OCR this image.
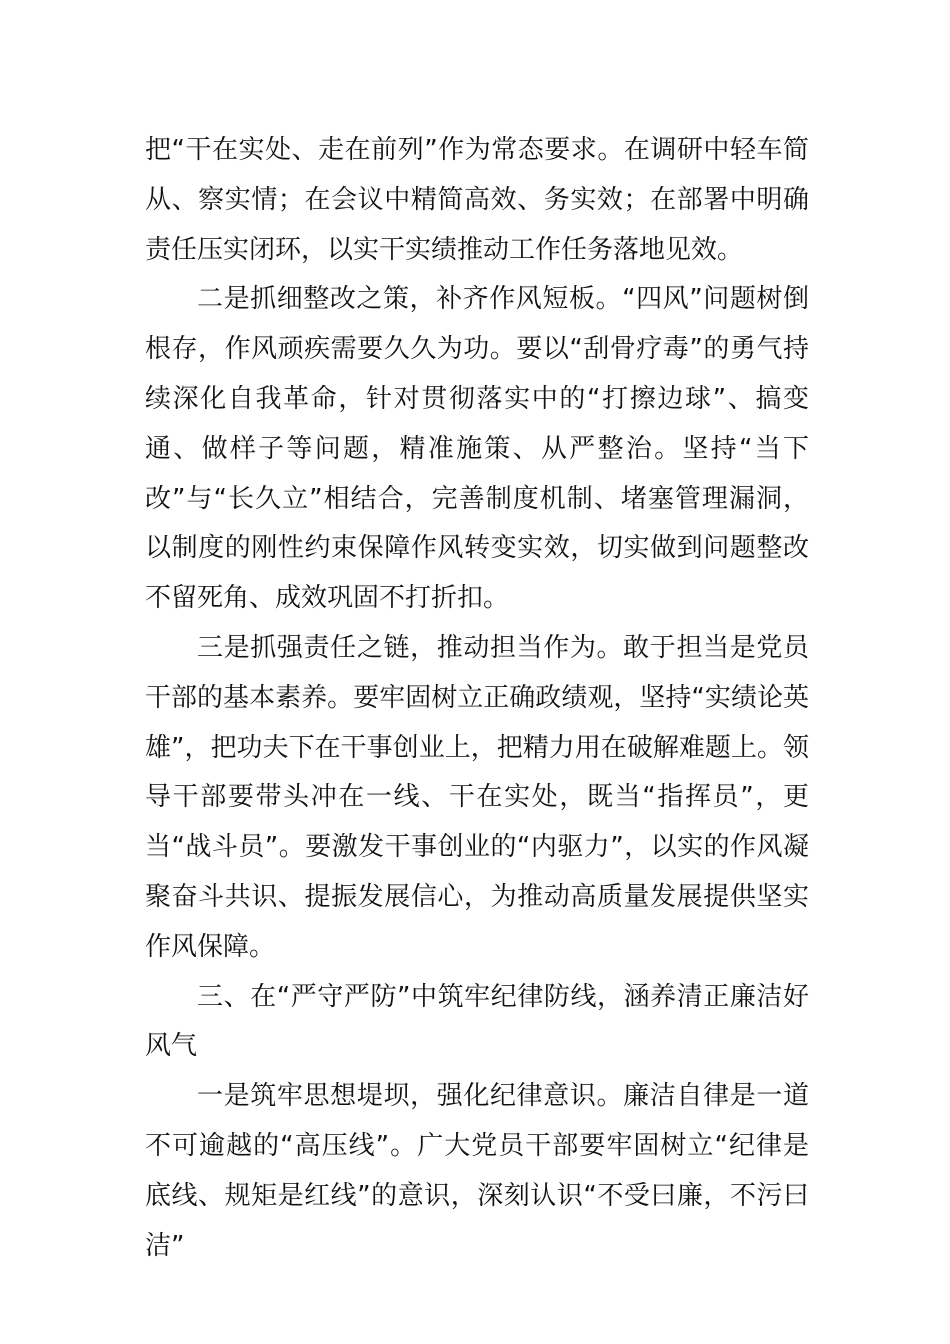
把“干在实处、走在前列”作为常态要求。在调研中轻车简从、察实情；在会议中精简高效、务实效；在部署中明确责任压实闭环，以实干实绩推动工作任务落地见效。

二是抓细整改之策，补齐作风短板。“四风”问题树倒根存，作风顽疾需要久久为功。要以“刮骨疗毒”的勇气持续深化自我革命，针对贯彻落实中的“打擦边球”、搞变通、做样子等问题，精准施策、从严整治。坚持“当下改”与“长久立”相结合，完善制度机制、堵塞管理漏洞，以制度的刚性约束保障作风转变实效，切实做到问题整改不留死角、成效巩固不打折扣。

三是抓强责任之链，推动担当作为。敢于担当是党员干部的基本素养。要牢固树立正确政绩观，坚持“实绩论英雄”，把功夫下在干事创业上，把精力用在破解难题上。领导干部要带头冲在一线、干在实处，既当“指挥员”，更当“战斗员”。要激发干事创业的“内驱力”，以实的作风凝聚奋斗共识、提振发展信心，为推动高质量发展提供坚实作风保障。

三、在“严守严防”中筑牢纪律防线，涵养清正廉洁好风气

一是筑牢思想堤坝，强化纪律意识。廉洁自律是一道不可逾越的“高压线”。广大党员干部要牢固树立“纪律是底线、规矩是红线”的意识，深刻认识“不受曰廉，不污曰洁”
